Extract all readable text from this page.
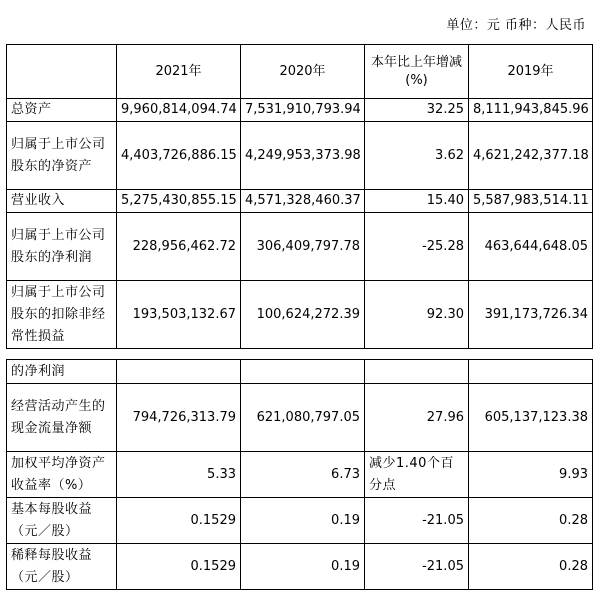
单位：元 币种：人民币
	2021年	2020年	本年比上年增减(%)	2019年
总资产	9,960,814,094.74	7,531,910,793.94	32.25	8,111,943,845.96
归属于上市公司股东的净资产	4,403,726,886.15	4,249,953,373.98	3.62	4,621,242,377.18
营业收入	5,275,430,855.15	4,571,328,460.37	15.40	5,587,983,514.11
归属于上市公司股东的净利润	228,956,462.72	306,409,797.78	-25.28	463,644,648.05
归属于上市公司股东的扣除非经常性损益	193,503,132.67	100,624,272.39	92.30	391,173,726.34

的净利润				
经营活动产生的现金流量净额	794,726,313.79	621,080,797.05	27.96	605,137,123.38
加权平均净资产收益率（%）	5.33	6.73	减少1.40个百分点	9.93
基本每股收益（元／股）	0.1529	0.19	-21.05	0.28
稀释每股收益（元／股）	0.1529	0.19	-21.05	0.28
